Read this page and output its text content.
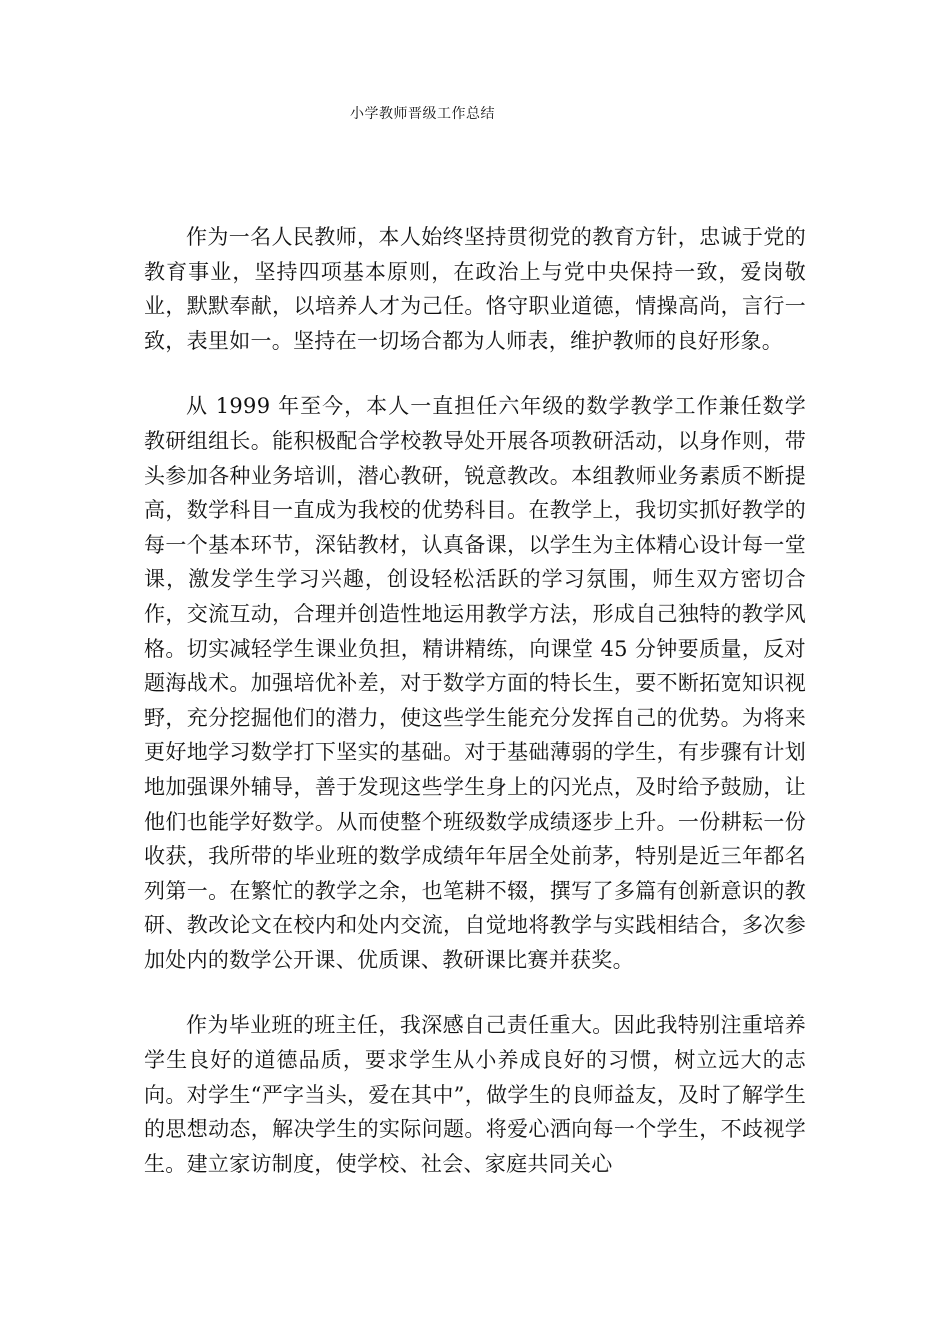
小学教师晋级工作总结

作为一名人民教师，本人始终坚持贯彻党的教育方针，忠诚于党的教育事业，坚持四项基本原则，在政治上与党中央保持一致，爱岗敬业，默默奉献，以培养人才为己任。恪守职业道德，情操高尚，言行一致，表里如一。坚持在一切场合都为人师表，维护教师的良好形象。

从 1999 年至今，本人一直担任六年级的数学教学工作兼任数学教研组组长。能积极配合学校教导处开展各项教研活动，以身作则，带头参加各种业务培训，潜心教研，锐意教改。本组教师业务素质不断提高，数学科目一直成为我校的优势科目。在教学上，我切实抓好教学的每一个基本环节，深钻教材，认真备课，以学生为主体精心设计每一堂课，激发学生学习兴趣，创设轻松活跃的学习氛围，师生双方密切合作，交流互动，合理并创造性地运用教学方法，形成自己独特的教学风格。切实减轻学生课业负担，精讲精练，向课堂 45 分钟要质量，反对题海战术。加强培优补差，对于数学方面的特长生，要不断拓宽知识视野，充分挖掘他们的潜力，使这些学生能充分发挥自己的优势。为将来更好地学习数学打下坚实的基础。对于基础薄弱的学生，有步骤有计划地加强课外辅导，善于发现这些学生身上的闪光点，及时给予鼓励，让他们也能学好数学。从而使整个班级数学成绩逐步上升。一份耕耘一份收获，我所带的毕业班的数学成绩年年居全处前茅，特别是近三年都名列第一。在繁忙的教学之余，也笔耕不辍，撰写了多篇有创新意识的教研、教改论文在校内和处内交流，自觉地将教学与实践相结合，多次参加处内的数学公开课、优质课、教研课比赛并获奖。

作为毕业班的班主任，我深感自己责任重大。因此我特别注重培养学生良好的道德品质，要求学生从小养成良好的习惯，树立远大的志向。对学生“严字当头，爱在其中”，做学生的良师益友，及时了解学生的思想动态，解决学生的实际问题。将爱心洒向每一个学生，不歧视学生。建立家访制度，使学校、社会、家庭共同关心
